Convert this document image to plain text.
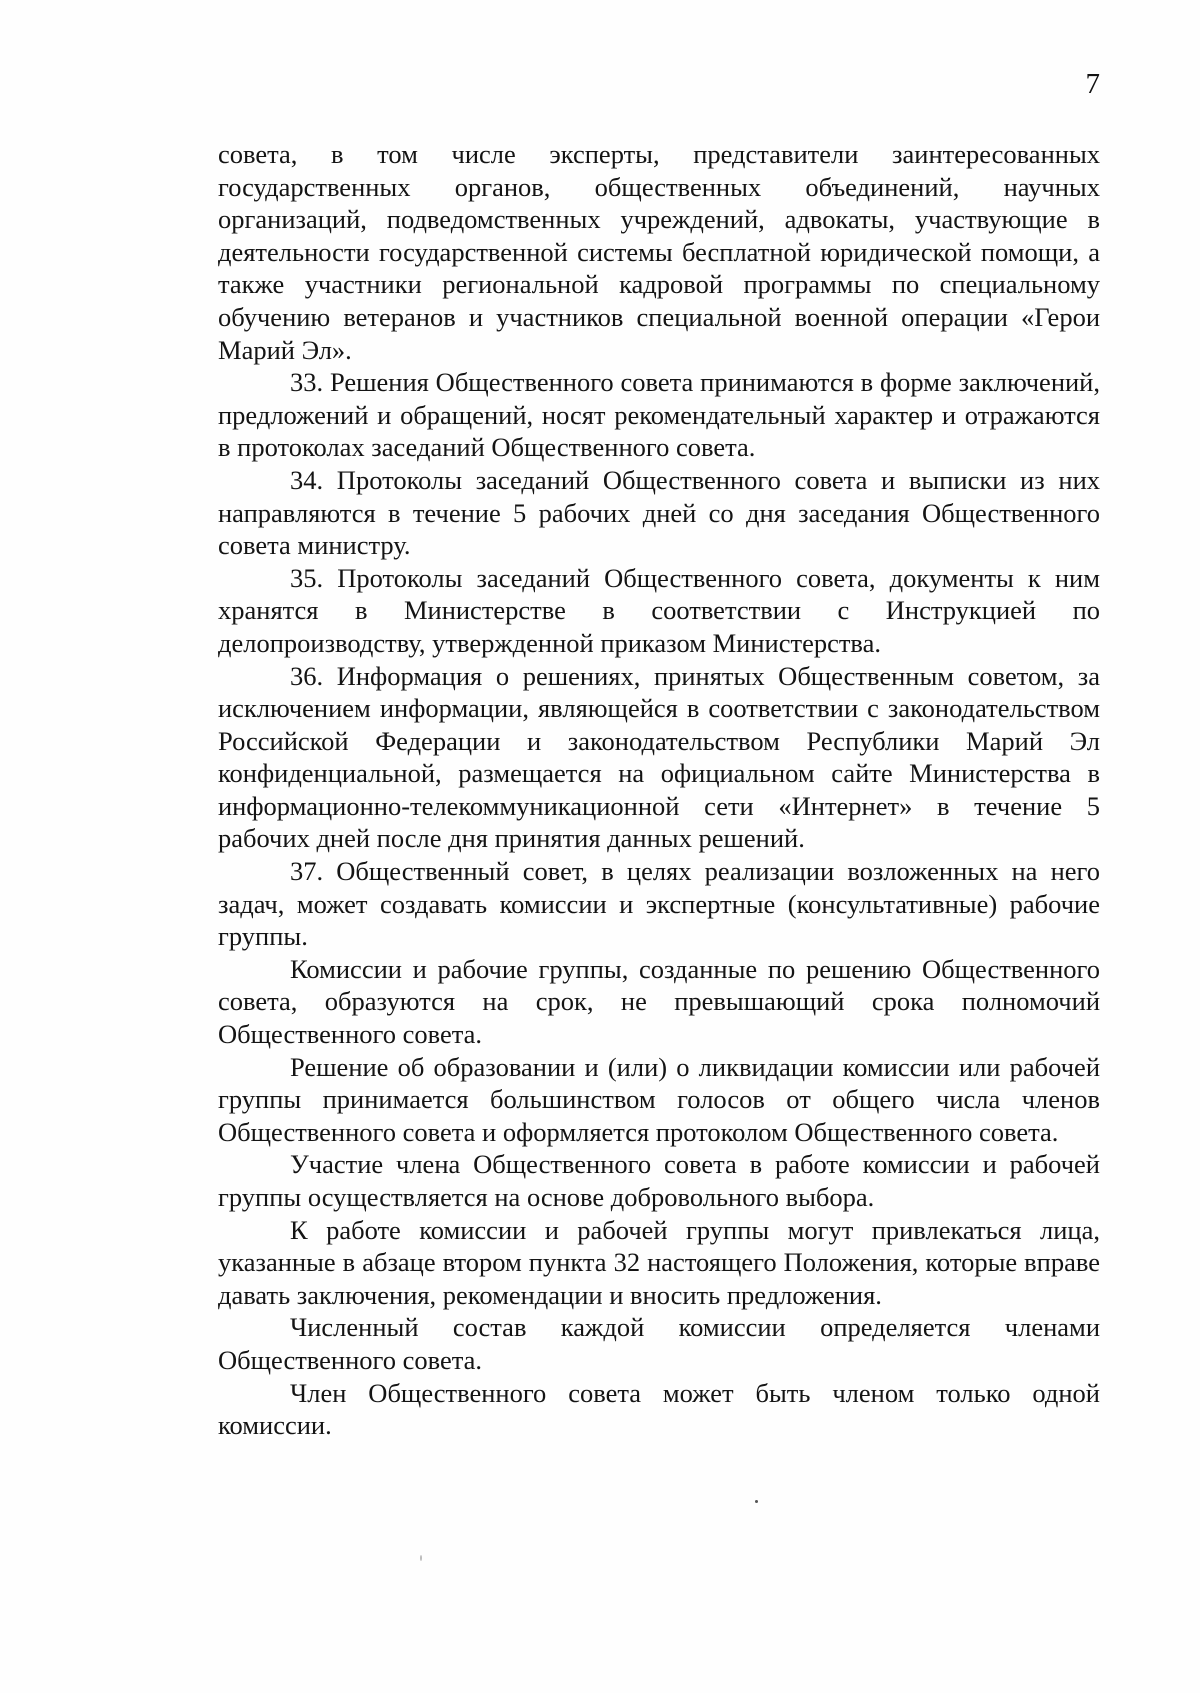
7

совета, в том числе эксперты, представители заинтересованных государственных органов, общественных объединений, научных организаций, подведомственных учреждений, адвокаты, участвующие в деятельности государственной системы бесплатной юридической помощи, а также участники региональной кадровой программы по специальному обучению ветеранов и участников специальной военной операции «Герои Марий Эл».

33. Решения Общественного совета принимаются в форме заключений, предложений и обращений, носят рекомендательный характер и отражаются в протоколах заседаний Общественного совета.

34. Протоколы заседаний Общественного совета и выписки из них направляются в течение 5 рабочих дней со дня заседания Общественного совета министру.

35. Протоколы заседаний Общественного совета, документы к ним хранятся в Министерстве в соответствии с Инструкцией по делопроизводству, утвержденной приказом Министерства.

36. Информация о решениях, принятых Общественным советом, за исключением информации, являющейся в соответствии с законодательством Российской Федерации и законодательством Республики Марий Эл конфиденциальной, размещается на официальном сайте Министерства в информационно-телекоммуникационной сети «Интернет» в течение 5 рабочих дней после дня принятия данных решений.

37. Общественный совет, в целях реализации возложенных на него задач, может создавать комиссии и экспертные (консультативные) рабочие группы.

Комиссии и рабочие группы, созданные по решению Общественного совета, образуются на срок, не превышающий срока полномочий Общественного совета.

Решение об образовании и (или) о ликвидации комиссии или рабочей группы принимается большинством голосов от общего числа членов Общественного совета и оформляется протоколом Общественного совета.

Участие члена Общественного совета в работе комиссии и рабочей группы осуществляется на основе добровольного выбора.

К работе комиссии и рабочей группы могут привлекаться лица, указанные в абзаце втором пункта 32 настоящего Положения, которые вправе давать заключения, рекомендации и вносить предложения.

Численный состав каждой комиссии определяется членами Общественного совета.

Член Общественного совета может быть членом только одной комиссии.
